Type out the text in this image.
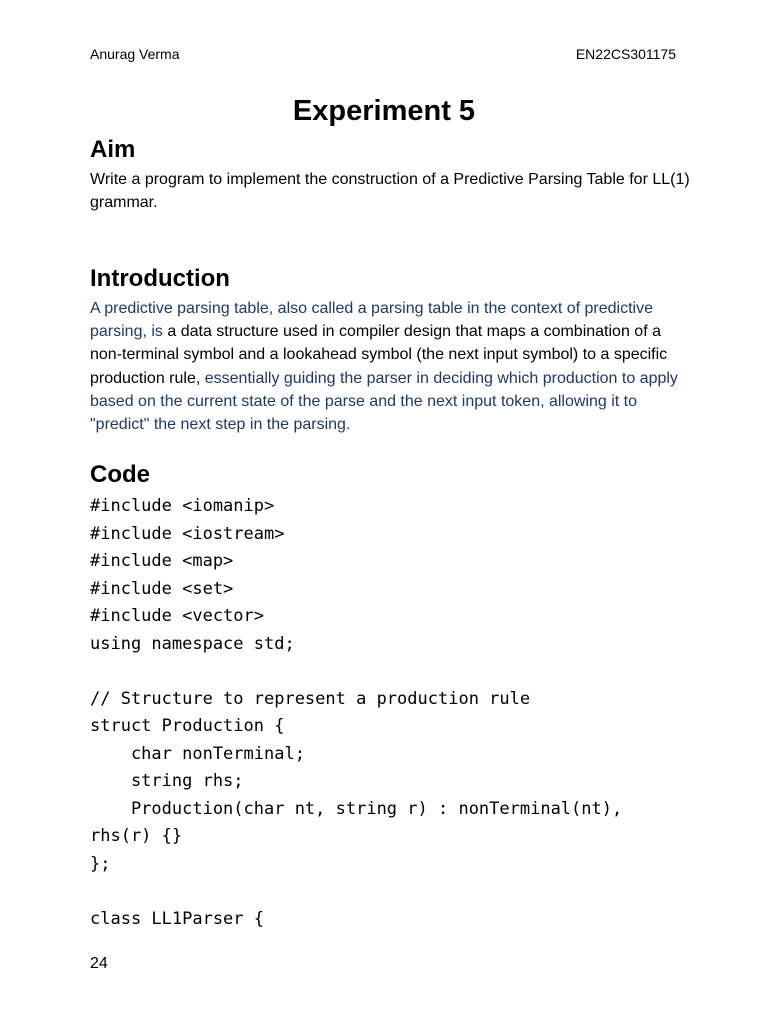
Anurag Verma	EN22CS301175
Experiment 5
Aim

Write a program to implement the construction of a Predictive Parsing Table for LL(1) grammar.

Introduction

A predictive parsing table, also called a parsing table in the context of predictive parsing, is a data structure used in compiler design that maps a combination of a non-terminal symbol and a lookahead symbol (the next input symbol) to a specific production rule, essentially guiding the parser in deciding which production to apply based on the current state of the parse and the next input token, allowing it to "predict" the next step in the parsing.

Code
#include <iomanip>
#include <iostream>
#include <map>
#include <set>
#include <vector>
using namespace std;
// Structure to represent a production rule
struct Production {
char nonTerminal;
string rhs;
Production(char nt, string r) : nonTerminal(nt),
rhs(r) {}
};
class LL1Parser {
24
